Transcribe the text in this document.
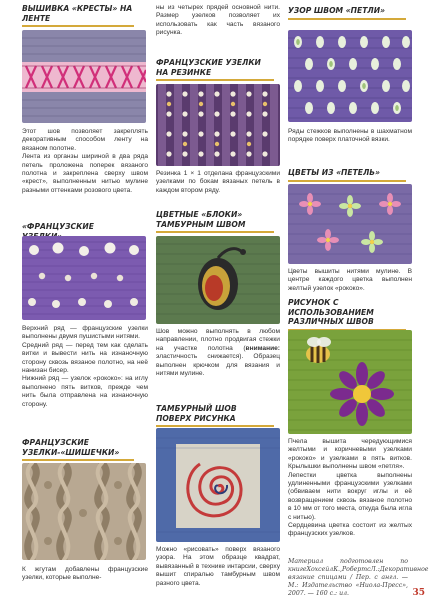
ВЫШИВКА «КРЕСТЫ» НА ЛЕНТЕ

Этот шов позволяет закреплять декоративным способом ленту на вязаном полотне.

Лента из органзы шириной в два ряда петель проложена поперек вязаного полотна и закреплена сверху швом «крест», выполненным нитью мулине разными оттенками розового цвета.

«ФРАНЦУЗСКИЕ

Верхний ряд — французские узелки выполнены двумя пушистыми нитями.

Средний ряд — перед тем как сделать витки и вывести нить на изнаночную сторону сквозь вязаное полотно, на неё нанизан бисер.

Нижний ряд — узелок «рококо»: на иглу выполнено пять витков, прежде чем нить была отправлена на изнаночную сторону.

ФРАНЦУЗСКИЕ УЗЕЛКИ-«ШИШЕЧКИ»

К жгутам добавлены французские узелки, которые выполне-

ны из четырех прядей основной нити. Размер узелков позволяет их использовать как часть вязаного рисунка.

ФРАНЦУЗСКИЕ УЗЕЛКИ НА РЕЗИНКЕ

Резинка 1 × 1 отделана французскими узелками по бокам вязаных петель в каждом втором ряду.

ЦВЕТНЫЕ «БЛОКИ» ТАМБУРНЫМ ШВОМ

Шов можно выполнять в любом направлении, плотно продвигая стежки на участке полотна (внимание: эластичность снижается). Образец выполнен крючком для вязания и нитями мулине.

ТАМБУРНЫЙ ШОВ ПОВЕРХ РИСУНКА

Можно «рисовать» поверх вязаного узора. На этом образце квадрат, вывязанный в технике интарсии, сверху вышит спиралью тамбурным швом разного цвета.

УЗОР ШВОМ «ПЕТЛИ»

Ряды стежков выполнены в шахматном порядке поверх платочной вязки.

ЦВЕТЫ ИЗ «ПЕТЕЛЬ»

Цветы вышиты нитями мулине. В центре каждого цветка выполнен желтый узелок «рококо».

РИСУНОК С ИСПОЛЬЗОВАНИЕМ РАЗЛИЧНЫХ ШВОВ

Пчела вышита чередующимися желтыми и коричневыми узелками «рококо» и узелками в пять витков. Крылышки выполнены швом «петля».

Лепестки цветка выполнены удлиненными французскими узелками (обвиваем нити вокруг иглы и её возвращением сквозь вязаное полотно в 10 мм от того места, откуда была игла с нитью).

Сердцевина цветка состоит из желтых французских узелков.

Материал подготовлен по книгеХохсейлК.,РобертсЛ.:Декоративное вязание спицами / Пер. с англ. — М.: Издательство «Ниола-Пресс», 2007. — 160 с.: ил.	35
